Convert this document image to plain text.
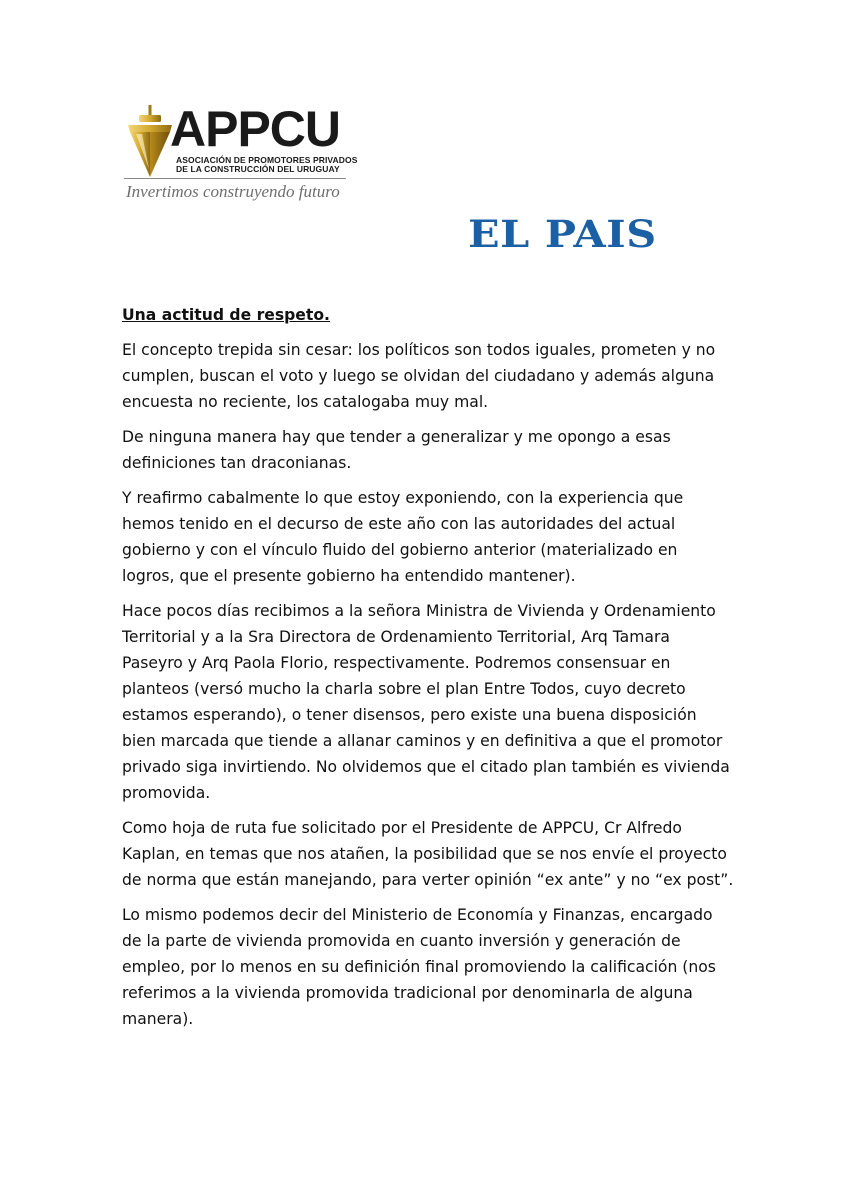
APPCU
ASOCIACIÓN DE PROMOTORES PRIVADOS
DE LA CONSTRUCCIÓN DEL URUGUAY
Invertimos construyendo futuro
EL PAIS
Una actitud de respeto.

El concepto trepida sin cesar: los políticos son todos iguales, prometen y no cumplen, buscan el voto y luego se olvidan del ciudadano y además alguna encuesta no reciente, los catalogaba muy mal.

De ninguna manera hay que tender a generalizar y me opongo a esas definiciones tan draconianas.

Y reafirmo cabalmente lo que estoy exponiendo, con la experiencia que hemos tenido en el decurso de este año con las autoridades del actual gobierno y con el vínculo fluido del gobierno anterior (materializado en logros, que el presente gobierno ha entendido mantener).

Hace pocos días recibimos a la señora Ministra de Vivienda y Ordenamiento Territorial y a la Sra Directora de Ordenamiento Territorial, Arq Tamara Paseyro y Arq Paola Florio, respectivamente. Podremos consensuar en planteos (versó mucho la charla sobre el plan Entre Todos, cuyo decreto estamos esperando), o tener disensos, pero existe una buena disposición bien marcada que tiende a allanar caminos y en definitiva a que el promotor privado siga invirtiendo. No olvidemos que el citado plan también es vivienda promovida.

Como hoja de ruta fue solicitado por el Presidente de APPCU, Cr Alfredo Kaplan, en temas que nos atañen, la posibilidad que se nos envíe el proyecto de norma que están manejando, para verter opinión “ex ante” y no “ex post”.

Lo mismo podemos decir del Ministerio de Economía y Finanzas, encargado de la parte de vivienda promovida en cuanto inversión y generación de empleo, por lo menos en su definición final promoviendo la calificación (nos referimos a la vivienda promovida tradicional por denominarla de alguna manera).
